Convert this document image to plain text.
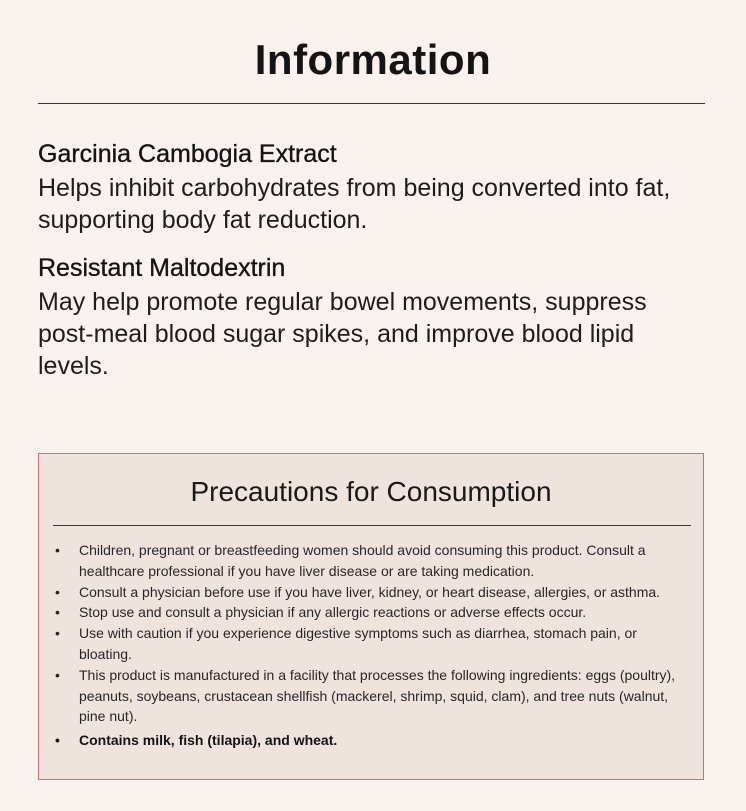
Information
Garcinia Cambogia Extract

Helps inhibit carbohydrates from being converted into fat, supporting body fat reduction.

Resistant Maltodextrin

May help promote regular bowel movements, suppress post-meal blood sugar spikes, and improve blood lipid levels.

Precautions for Consumption
• Children, pregnant or breastfeeding women should avoid consuming this product. Consult a healthcare professional if you have liver disease or are taking medication.
• Consult a physician before use if you have liver, kidney, or heart disease, allergies, or asthma.
• Stop use and consult a physician if any allergic reactions or adverse effects occur.
• Use with caution if you experience digestive symptoms such as diarrhea, stomach pain, or bloating.
• This product is manufactured in a facility that processes the following ingredients: eggs (poultry), peanuts, soybeans, crustacean shellfish (mackerel, shrimp, squid, clam), and tree nuts (walnut, pine nut).
• Contains milk, fish (tilapia), and wheat.
